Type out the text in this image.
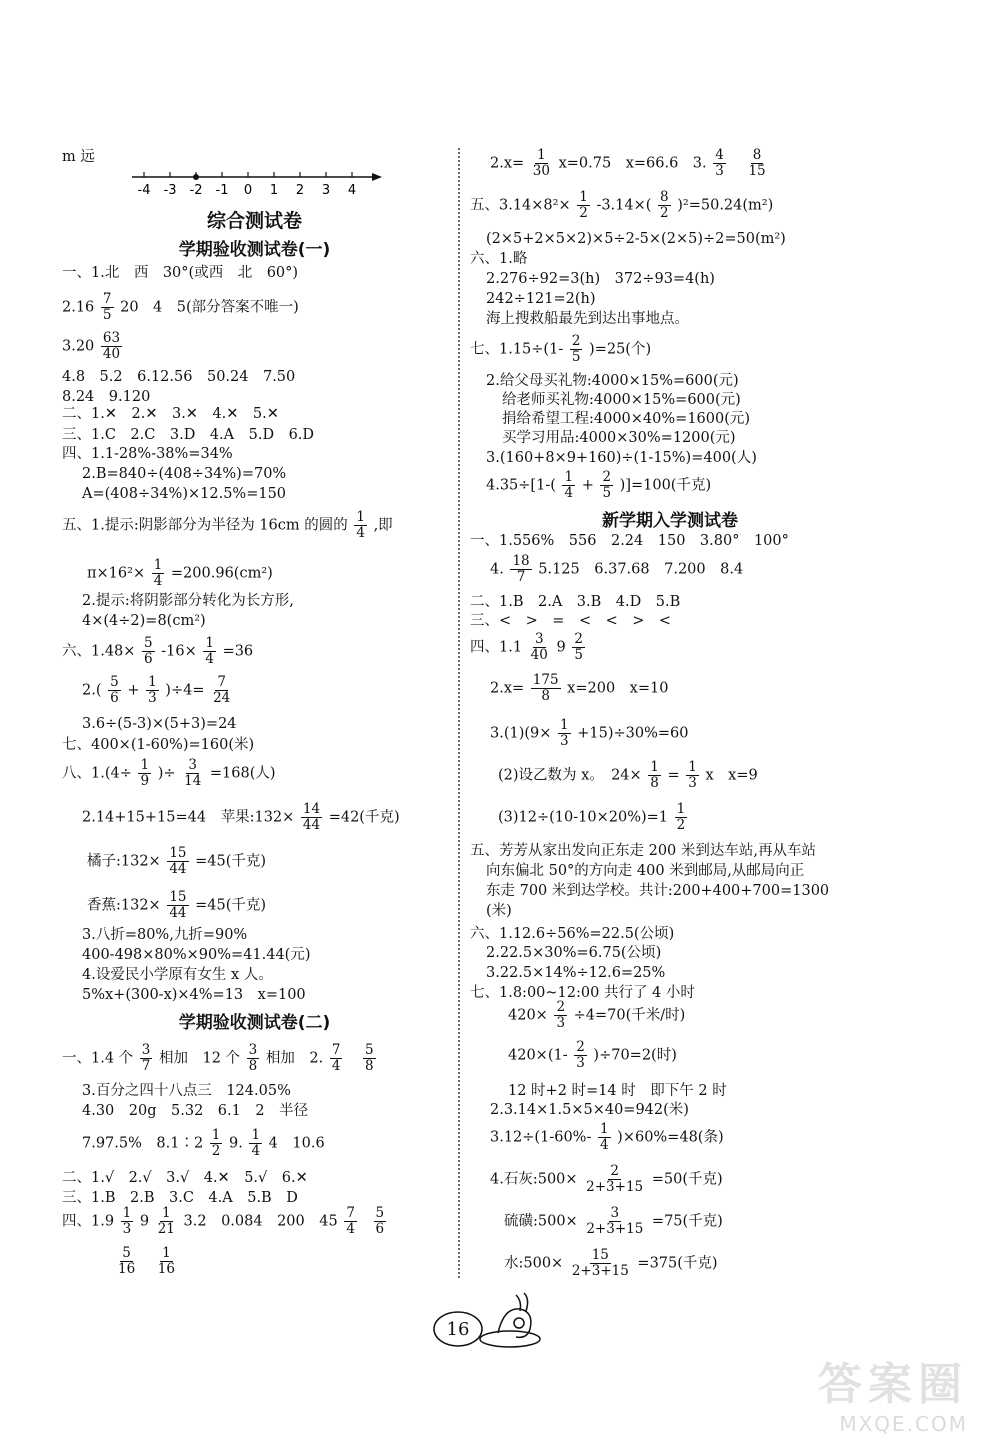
m 远
-4 -3 -2 -1 0 1 2 3 4
综合测试卷
学期验收测试卷(一)
一、1.北　西　30°(或西　北　60°)
$2.16 \frac{7}{5} 20$　4　5(部分答案不唯一)
$3.20 \frac{63}{40}$
4.8　5.2　6.12.56　50.24　7.50
8.24　9.120
二、1.✕　2.✕　3.✕　4.✕　5.✕
三、1.C　2.C　3.D　4.A　5.D　6.D
四、1.1-28%-38%=34%
2.B=840÷(408÷34%)=70%
A=(408÷34%)×12.5%=150
五、1.提示:阴影部分为半径为 16cm 的圆的 $\frac{1}{4}$ ,即
$\pi\times 16^2\times \frac{1}{4} =200.96(cm^2)$
2.提示:将阴影部分转化为长方形,
4×(4÷2)=8(cm²)
六、$1.48\times \frac{5}{6} -16\times \frac{1}{4} =36$
$2.( \frac{5}{6} + \frac{1}{3} )\div 4= \frac{7}{24}$
3.6÷(5-3)×(5+3)=24
七、400×(1-60%)=160(米)
八、$1.(4\div \frac{1}{9}$ )÷ $\frac{3}{14} =168$(人)
2.14+15+15=44　苹果:132× $\frac{14}{44} =42$(千克)
橘子:132× $\frac{15}{44} =45$(千克)
香蕉:132× $\frac{15}{44} =45$(千克)
3.八折=80%,九折=90%
400-498×80%×90%=41.44(元)
4.设爱民小学原有女生 x 人。
5%x+(300-x)×4%=13　x=100
学期验收测试卷(二)
一、1.4 个 $\frac{3}{7}$ 相加　12 个 $\frac{3}{8}$ 相加　2. $\frac{7}{4}$
$\frac{5}{8}$
3.百分之四十八点三　124.05%
4.30　20g　5.32　6.1　2　半径
7.97.5%　8.1∶2 $\frac{1}{2} 9$. $\frac{1}{4} 4$　10.6
二、1.√　2.√　3.√　4.✕　5.√　6.✕
三、1.B　2.B　3.C　4.A　5.B　D
四、$1.9 \frac{1}{3} 9 \frac{1}{21} 3.2$　0.084　200　$45 \frac{7}{4}$
$\frac{5}{6}$
$\frac{5}{16}$
$\frac{1}{16}$
$2.x= \frac{1}{30} x=0.75$　x=66.6　3. $\frac{4}{3}$
$\frac{8}{15}$
五、$3.14\times 8^2\times \frac{1}{2} -3.14\times( \frac{8}{2} )^2=50.24(m^2)$
(2×5+2×5×2)×5÷2-5×(2×5)÷2=50(m²)
六、1.略
2.276÷92=3(h)　372÷93=4(h)
242÷121=2(h)
海上搜救船最先到达出事地点。
七、$1.15\div(1- \frac{2}{5} )=25$(个)
2.给父母买礼物:4000×15%=600(元)
给老师买礼物:4000×15%=600(元)
捐给希望工程:4000×40%=1600(元)
买学习用品:4000×30%=1200(元)
3.(160+8×9+160)÷(1-15%)=400(人)
$4.35\div[1-( \frac{1}{4} + \frac{2}{5} )]=100$(千克)
新学期入学测试卷
一、1.556%　556　2.24　150　3.80°　100°
4. $\frac{18}{7} 5.125$　6.37.68　7.200　8.4
二、1.B　2.A　3.B　4.D　5.B
三、<　>　=　<　<　>　<
四、$1.1 \frac{3}{40} 9 \frac{2}{5}$
$2.x= \frac{175}{8} x=200$　x=10
$3.(1)(9\times \frac{1}{3} +15)\div 30\%=60$
(2)设乙数为 x。　$24\times \frac{1}{8} = \frac{1}{3}$ x　x=9
$(3)12\div(10-10\times 20\%)=1 \frac{1}{2}$
五、芳芳从家出发向正东走 200 米到达车站,再从车站
向东偏北 50°的方向走 400 米到邮局,从邮局向正
东走 700 米到达学校。共计:200+400+700=1300
(米)
六、1.12.6÷56%=22.5(公顷)
2.22.5×30%=6.75(公顷)
3.22.5×14%÷12.6=25%
七、1.8:00~12:00 共行了 4 小时
$420\times \frac{2}{3} \div 4=70$(千米/时)
$420\times(1- \frac{2}{3} )\div 70=2$(时)
12 时+2 时=14 时　即下午 2 时
2.3.14×1.5×5×40=942(米)
$3.12\div(1-60\%- \frac{1}{4} )\times 60\%=48$(条)
4.石灰:500× $\frac{2}{2+3+15} =50$(千克)
硫磺:500× $\frac{3}{2+3+15} =75$(千克)
水:500× $\frac{15}{2+3+15} =375$(千克)
16
答案圈
MXQE.COM
